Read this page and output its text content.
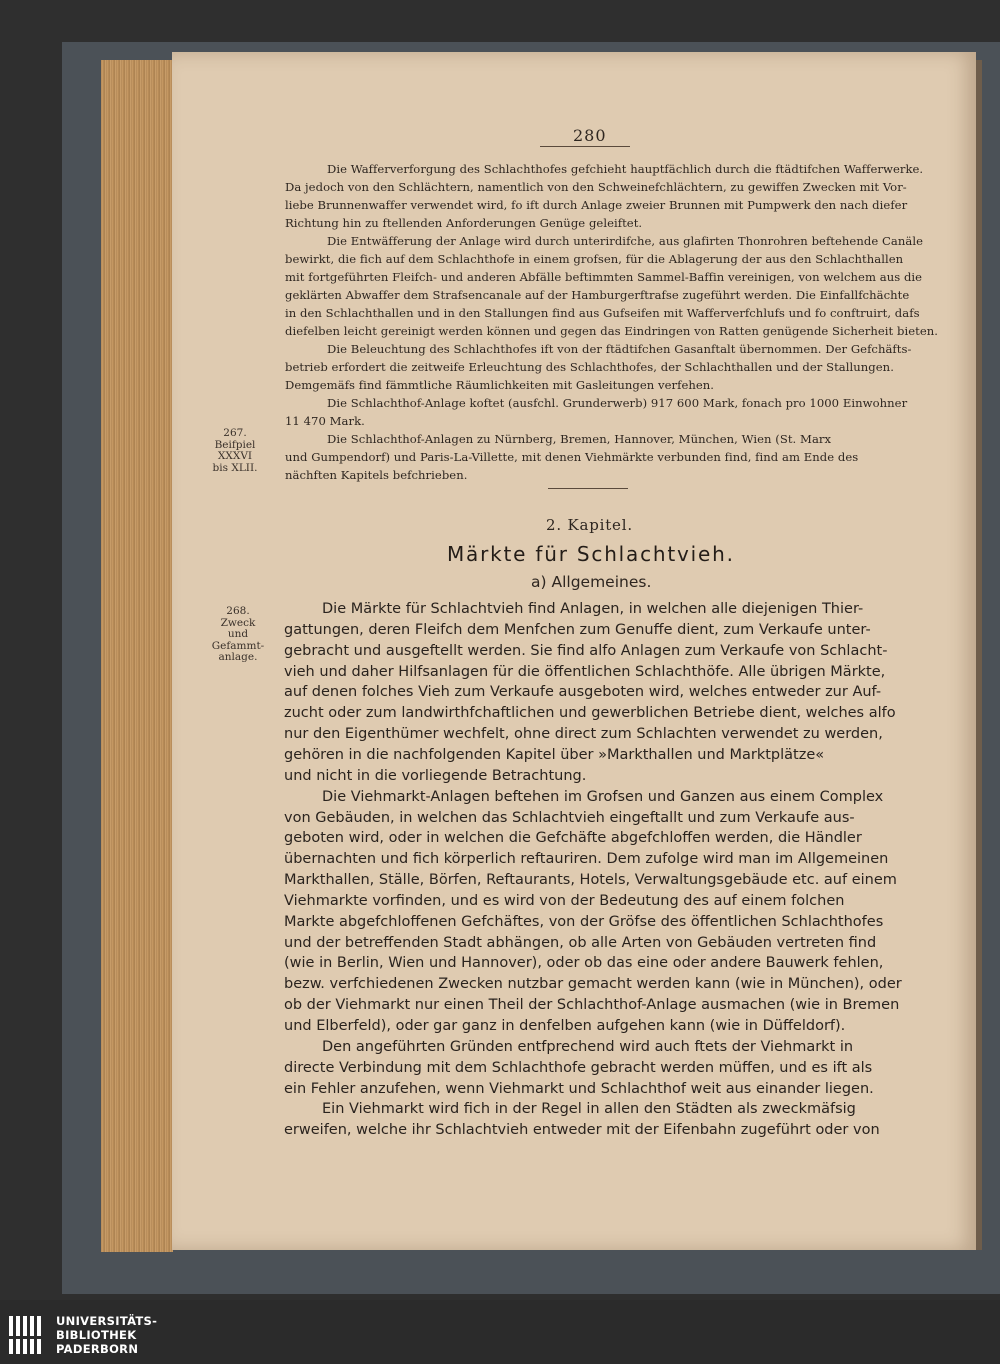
280
267.
Beifpiel
XXXVI
bis XLII.
2. Kapitel.
Märkte für Schlachtvieh.
a) Allgemeines.
268.
Zweck
und
Gefammt-
anlage.
Die Wafferverforgung des Schlachthofes gefchieht hauptfächlich durch die ftädtifchen Wafferwerke.
Da jedoch von den Schlächtern, namentlich von den Schweinefchlächtern, zu gewiffen Zwecken mit Vor-
liebe Brunnenwaffer verwendet wird, fo ift durch Anlage zweier Brunnen mit Pumpwerk den nach diefer
Richtung hin zu ftellenden Anforderungen Genüge geleiftet.
Die Entwäfferung der Anlage wird durch unterirdifche, aus glafirten Thonrohren beftehende Canäle
bewirkt, die fich auf dem Schlachthofe in einem grofsen, für die Ablagerung der aus den Schlachthallen
mit fortgeführten Fleifch- und anderen Abfälle beftimmten Sammel-Baffin vereinigen, von welchem aus die
geklärten Abwaffer dem Strafsencanale auf der Hamburgerftrafse zugeführt werden. Die Einfallfchächte
in den Schlachthallen und in den Stallungen find aus Gufseifen mit Wafferverfchlufs und fo conftruirt, dafs
diefelben leicht gereinigt werden können und gegen das Eindringen von Ratten genügende Sicherheit bieten.
Die Beleuchtung des Schlachthofes ift von der ftädtifchen Gasanftalt übernommen. Der Gefchäfts-
betrieb erfordert die zeitweife Erleuchtung des Schlachthofes, der Schlachthallen und der Stallungen.
Demgemäfs find fämmtliche Räumlichkeiten mit Gasleitungen verfehen.
Die Schlachthof-Anlage koftet (ausfchl. Grunderwerb) 917 600 Mark, fonach pro 1000 Einwohner
11 470 Mark.
Die Schlachthof-Anlagen zu Nürnberg, Bremen, Hannover, München, Wien (St. Marx
und Gumpendorf) und Paris-La-Villette, mit denen Viehmärkte verbunden find, find am Ende des
nächften Kapitels befchrieben.
Die Märkte für Schlachtvieh find Anlagen, in welchen alle diejenigen Thier-
gattungen, deren Fleifch dem Menfchen zum Genuffe dient, zum Verkaufe unter-
gebracht und ausgeftellt werden. Sie find alfo Anlagen zum Verkaufe von Schlacht-
vieh und daher Hilfsanlagen für die öffentlichen Schlachthöfe. Alle übrigen Märkte,
auf denen folches Vieh zum Verkaufe ausgeboten wird, welches entweder zur Auf-
zucht oder zum landwirthfchaftlichen und gewerblichen Betriebe dient, welches alfo
nur den Eigenthümer wechfelt, ohne direct zum Schlachten verwendet zu werden,
gehören in die nachfolgenden Kapitel über »Markthallen und Marktplätze«
und nicht in die vorliegende Betrachtung.
Die Viehmarkt-Anlagen beftehen im Grofsen und Ganzen aus einem Complex
von Gebäuden, in welchen das Schlachtvieh eingeftallt und zum Verkaufe aus-
geboten wird, oder in welchen die Gefchäfte abgefchloffen werden, die Händler
übernachten und fich körperlich reftauriren. Dem zufolge wird man im Allgemeinen
Markthallen, Ställe, Börfen, Reftaurants, Hotels, Verwaltungsgebäude etc. auf einem
Viehmarkte vorfinden, und es wird von der Bedeutung des auf einem folchen
Markte abgefchloffenen Gefchäftes, von der Gröfse des öffentlichen Schlachthofes
und der betreffenden Stadt abhängen, ob alle Arten von Gebäuden vertreten find
(wie in Berlin, Wien und Hannover), oder ob das eine oder andere Bauwerk fehlen,
bezw. verfchiedenen Zwecken nutzbar gemacht werden kann (wie in München), oder
ob der Viehmarkt nur einen Theil der Schlachthof-Anlage ausmachen (wie in Bremen
und Elberfeld), oder gar ganz in denfelben aufgehen kann (wie in Düffeldorf).
Den angeführten Gründen entfprechend wird auch ftets der Viehmarkt in
directe Verbindung mit dem Schlachthofe gebracht werden müffen, und es ift als
ein Fehler anzufehen, wenn Viehmarkt und Schlachthof weit aus einander liegen.
Ein Viehmarkt wird fich in der Regel in allen den Städten als zweckmäfsig
erweifen, welche ihr Schlachtvieh entweder mit der Eifenbahn zugeführt oder von
UNIVERSITÄTS-
BIBLIOTHEK
PADERBORN
